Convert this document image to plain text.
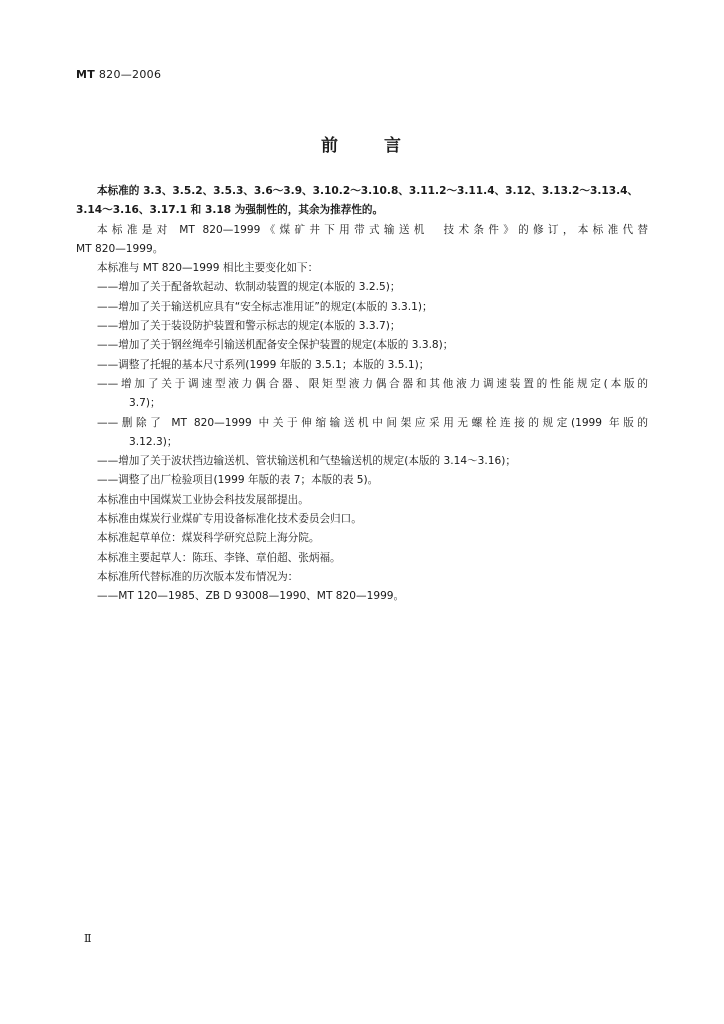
MT 820—2006
前	言
本标准的 3.3、3.5.2、3.5.3、3.6～3.9、3.10.2～3.10.8、3.11.2～3.11.4、3.12、3.13.2～3.13.4、
3.14～3.16、3.17.1 和 3.18 为强制性的，其余为推荐性的。
本标准是对 MT 820—1999《煤矿井下用带式输送机　技术条件》的修订，本标准代替
MT 820—1999。
本标准与 MT 820—1999 相比主要变化如下：
——增加了关于配备软起动、软制动装置的规定(本版的 3.2.5)；
——增加了关于输送机应具有“安全标志准用证”的规定(本版的 3.3.1)；
——增加了关于装设防护装置和警示标志的规定(本版的 3.3.7)；
——增加了关于钢丝绳牵引输送机配备安全保护装置的规定(本版的 3.3.8)；
——调整了托辊的基本尺寸系列(1999 年版的 3.5.1；本版的 3.5.1)；
——增加了关于调速型液力偶合器、限矩型液力偶合器和其他液力调速装置的性能规定(本版的
3.7)；
——删除了 MT 820—1999 中关于伸缩输送机中间架应采用无螺栓连接的规定(1999 年版的
3.12.3)；
——增加了关于波状挡边输送机、管状输送机和气垫输送机的规定(本版的 3.14～3.16)；
——调整了出厂检验项目(1999 年版的表 7；本版的表 5)。
本标准由中国煤炭工业协会科技发展部提出。
本标准由煤炭行业煤矿专用设备标准化技术委员会归口。
本标准起草单位：煤炭科学研究总院上海分院。
本标准主要起草人：陈珏、李锋、章伯超、张炳福。
本标准所代替标准的历次版本发布情况为：
——MT 120—1985、ZB D 93008—1990、MT 820—1999。
Ⅱ
